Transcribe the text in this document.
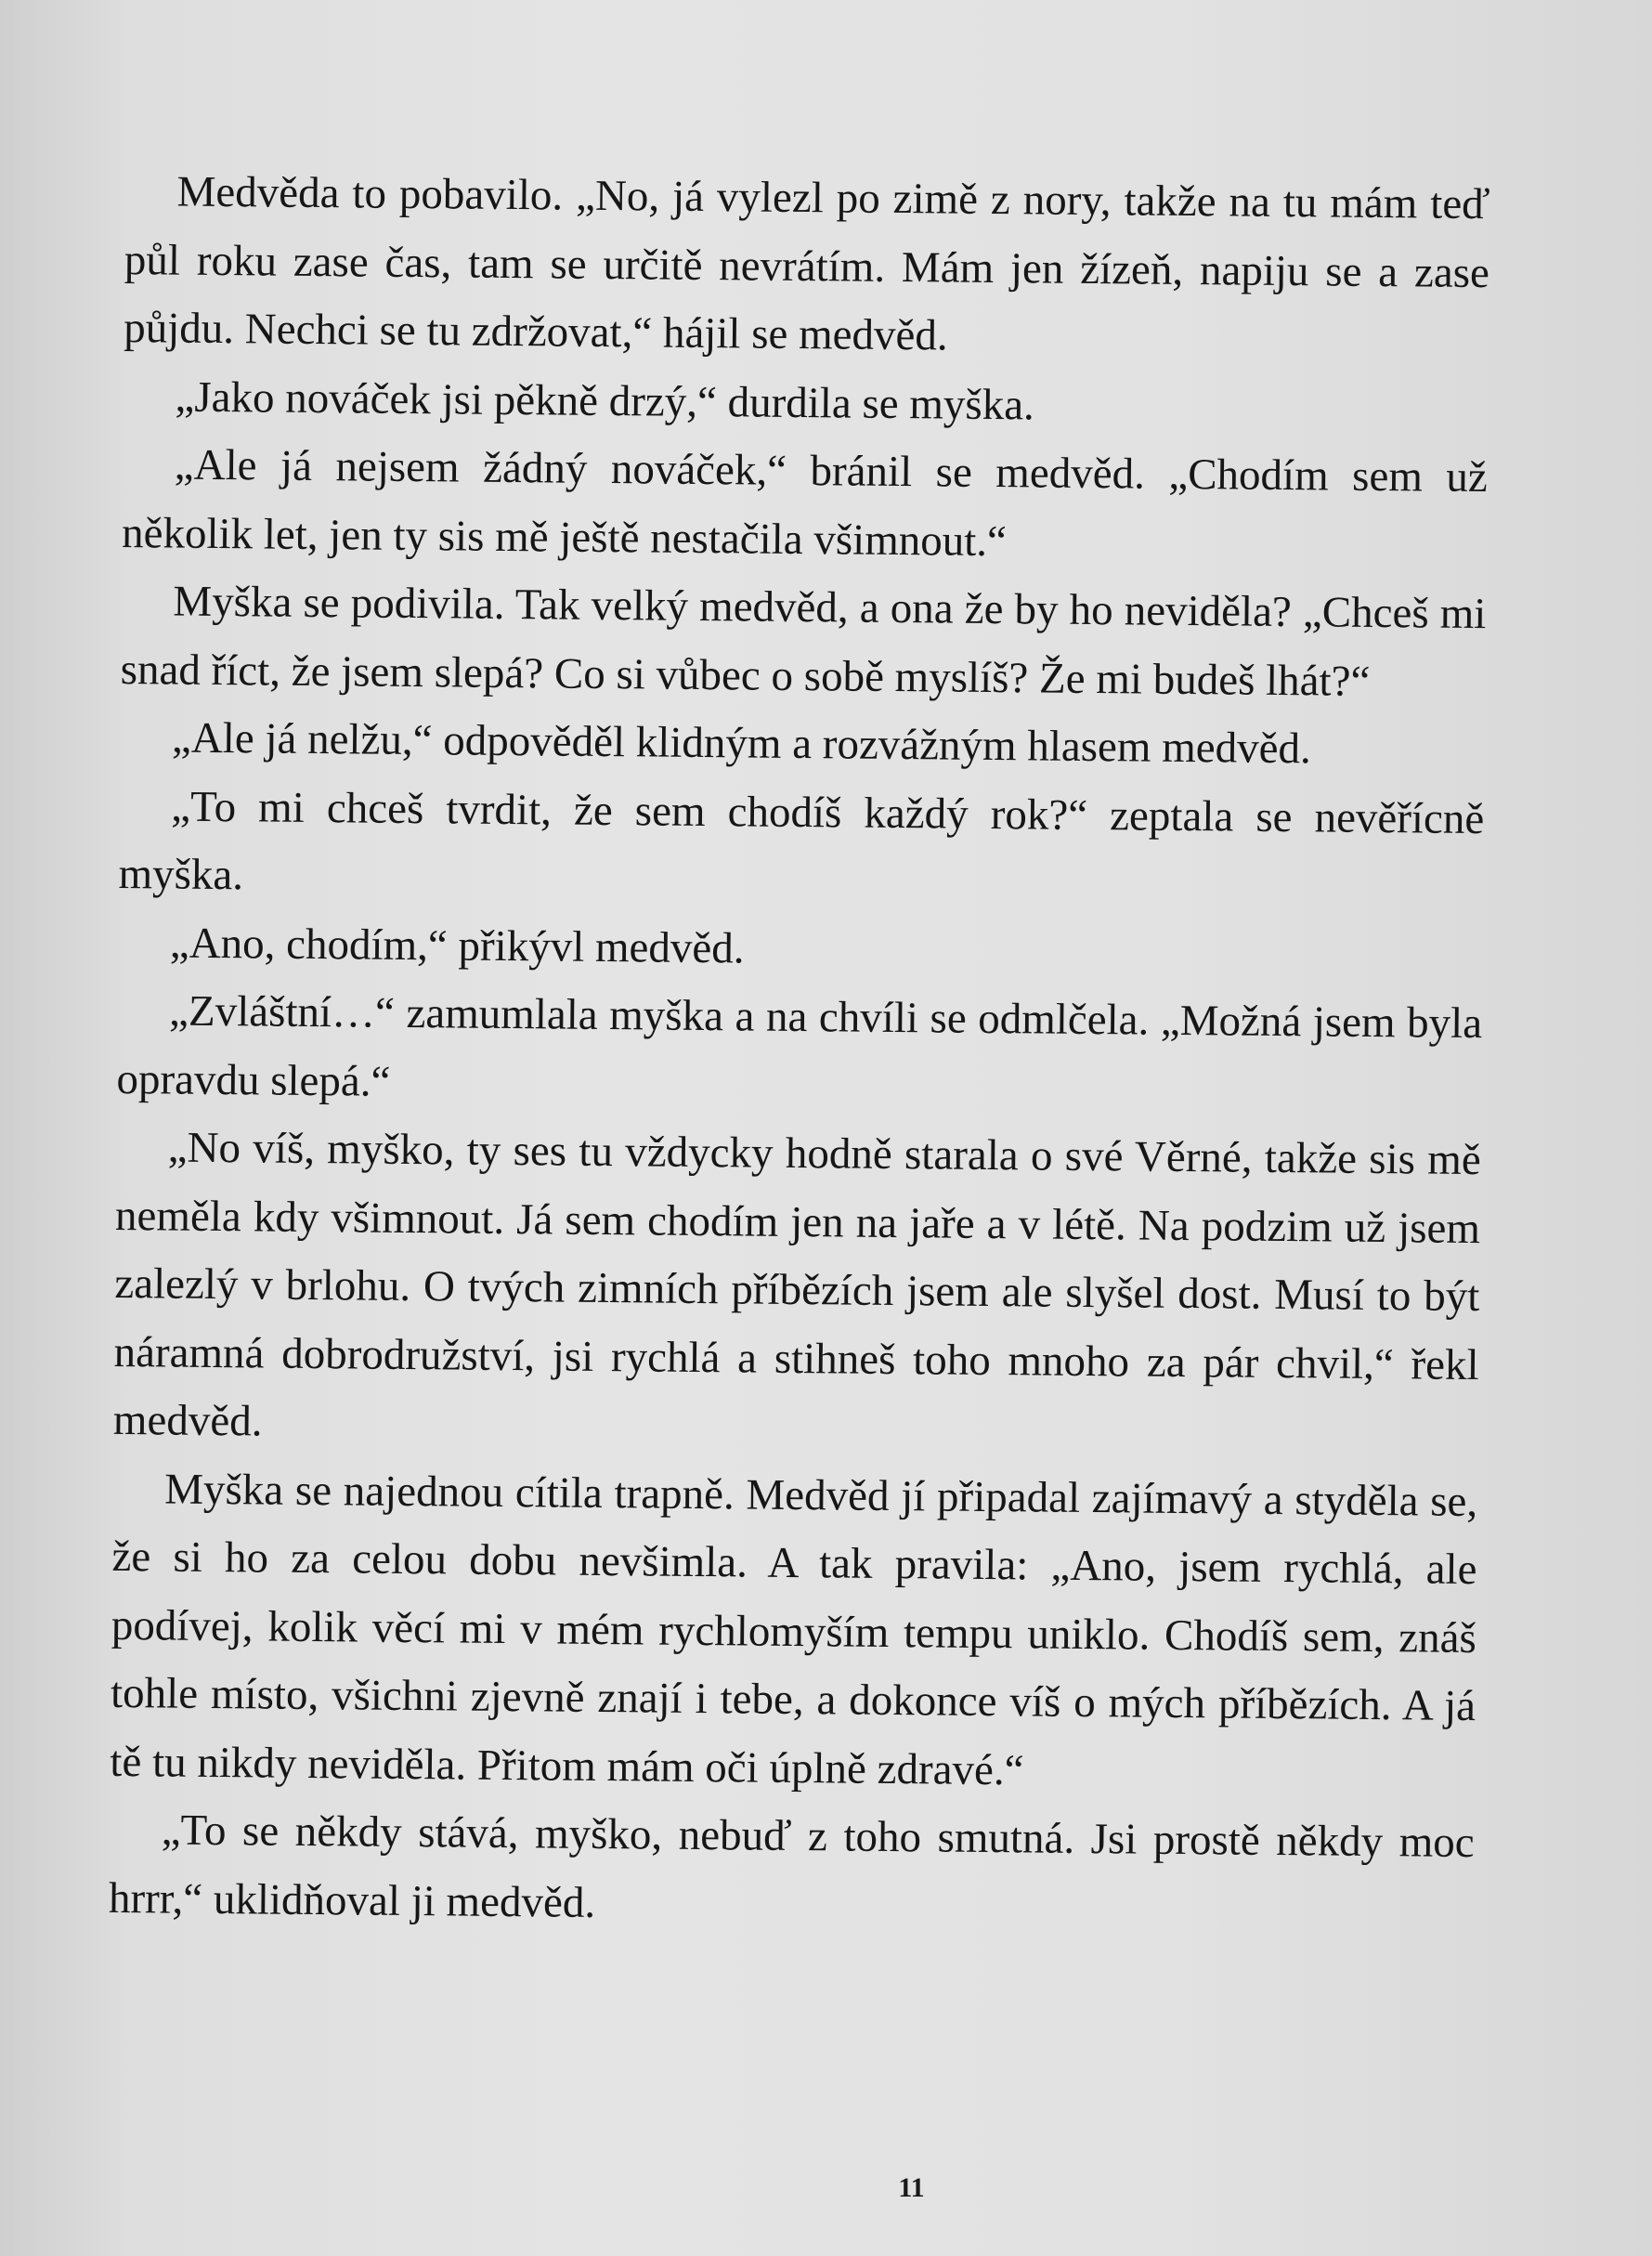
Medvěda to pobavilo. „No, já vylezl po zimě z nory, takže na tu mám teď půl roku zase čas, tam se určitě nevrátím. Mám jen žízeň, napiju se a zase půjdu. Nechci se tu zdržovat,“ hájil se medvěd.

„Jako nováček jsi pěkně drzý,“ durdila se myška.

„Ale já nejsem žádný nováček,“ bránil se medvěd. „Chodím sem už několik let, jen ty sis mě ještě nestačila všimnout.“

Myška se podivila. Tak velký medvěd, a ona že by ho neviděla? „Chceš mi snad říct, že jsem slepá? Co si vůbec o sobě myslíš? Že mi budeš lhát?“

„Ale já nelžu,“ odpověděl klidným a rozvážným hlasem medvěd.

„To mi chceš tvrdit, že sem chodíš každý rok?“ zeptala se nevěřícně myška.

„Ano, chodím,“ přikývl medvěd.

„Zvláštní…“ zamumlala myška a na chvíli se odmlčela. „Možná jsem byla opravdu slepá.“

„No víš, myško, ty ses tu vždycky hodně starala o své Věrné, takže sis mě neměla kdy všimnout. Já sem chodím jen na jaře a v létě. Na podzim už jsem zalezlý v brlohu. O tvých zimních příbězích jsem ale slyšel dost. Musí to být náramná dobrodružství, jsi rychlá a stihneš toho mnoho za pár chvil,“ řekl medvěd.

Myška se najednou cítila trapně. Medvěd jí připadal zajímavý a styděla se, že si ho za celou dobu nevšimla. A tak pravila: „Ano, jsem rychlá, ale podívej, kolik věcí mi v mém rychlomyším tempu uniklo. Chodíš sem, znáš tohle místo, všichni zjevně znají i tebe, a dokonce víš o mých příbězích. A já tě tu nikdy neviděla. Přitom mám oči úplně zdravé.“

„To se někdy stává, myško, nebuď z toho smutná. Jsi prostě někdy moc hrrr,“ uklidňoval ji medvěd.

11
